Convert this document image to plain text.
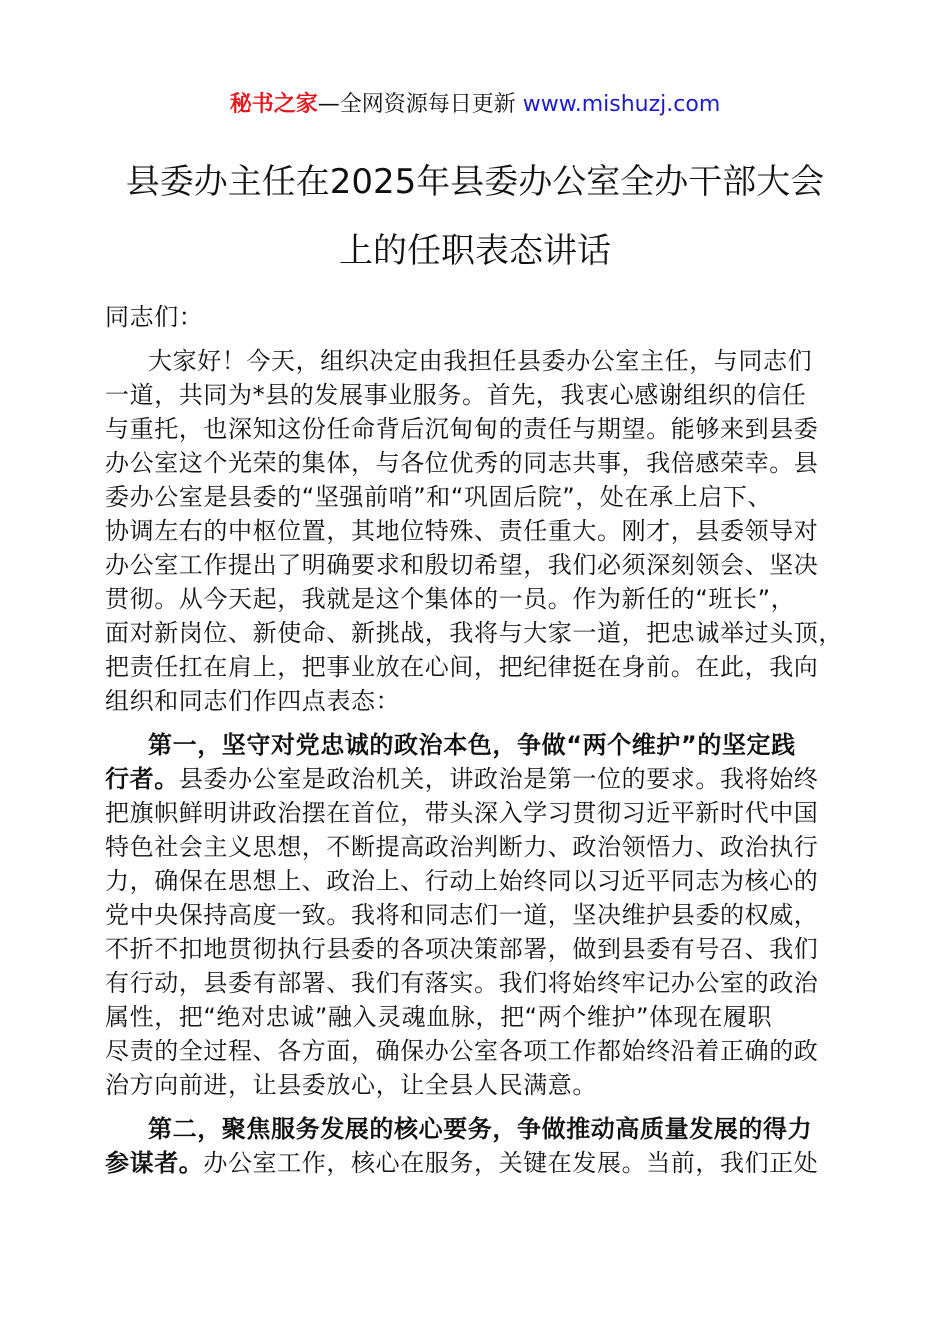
秘书之家—全网资源每日更新 www.mishuzj.com
县委办主任在2025年县委办公室全办干部大会
上的任职表态讲话
同志们：
大家好！今天，组织决定由我担任县委办公室主任，与同志们
一道，共同为*县的发展事业服务。首先，我衷心感谢组织的信任
与重托，也深知这份任命背后沉甸甸的责任与期望。能够来到县委
办公室这个光荣的集体，与各位优秀的同志共事，我倍感荣幸。县
委办公室是县委的“坚强前哨”和“巩固后院”，处在承上启下、
协调左右的中枢位置，其地位特殊、责任重大。刚才，县委领导对
办公室工作提出了明确要求和殷切希望，我们必须深刻领会、坚决
贯彻。从今天起，我就是这个集体的一员。作为新任的“班长”，
面对新岗位、新使命、新挑战，我将与大家一道，把忠诚举过头顶，
把责任扛在肩上，把事业放在心间，把纪律挺在身前。在此，我向
组织和同志们作四点表态：
第一，坚守对党忠诚的政治本色，争做“两个维护”的坚定践
行者。县委办公室是政治机关，讲政治是第一位的要求。我将始终
把旗帜鲜明讲政治摆在首位，带头深入学习贯彻习近平新时代中国
特色社会主义思想，不断提高政治判断力、政治领悟力、政治执行
力，确保在思想上、政治上、行动上始终同以习近平同志为核心的
党中央保持高度一致。我将和同志们一道，坚决维护县委的权威，
不折不扣地贯彻执行县委的各项决策部署，做到县委有号召、我们
有行动，县委有部署、我们有落实。我们将始终牢记办公室的政治
属性，把“绝对忠诚”融入灵魂血脉，把“两个维护”体现在履职
尽责的全过程、各方面，确保办公室各项工作都始终沿着正确的政
治方向前进，让县委放心，让全县人民满意。
第二，聚焦服务发展的核心要务，争做推动高质量发展的得力
参谋者。办公室工作，核心在服务，关键在发展。当前，我们正处
